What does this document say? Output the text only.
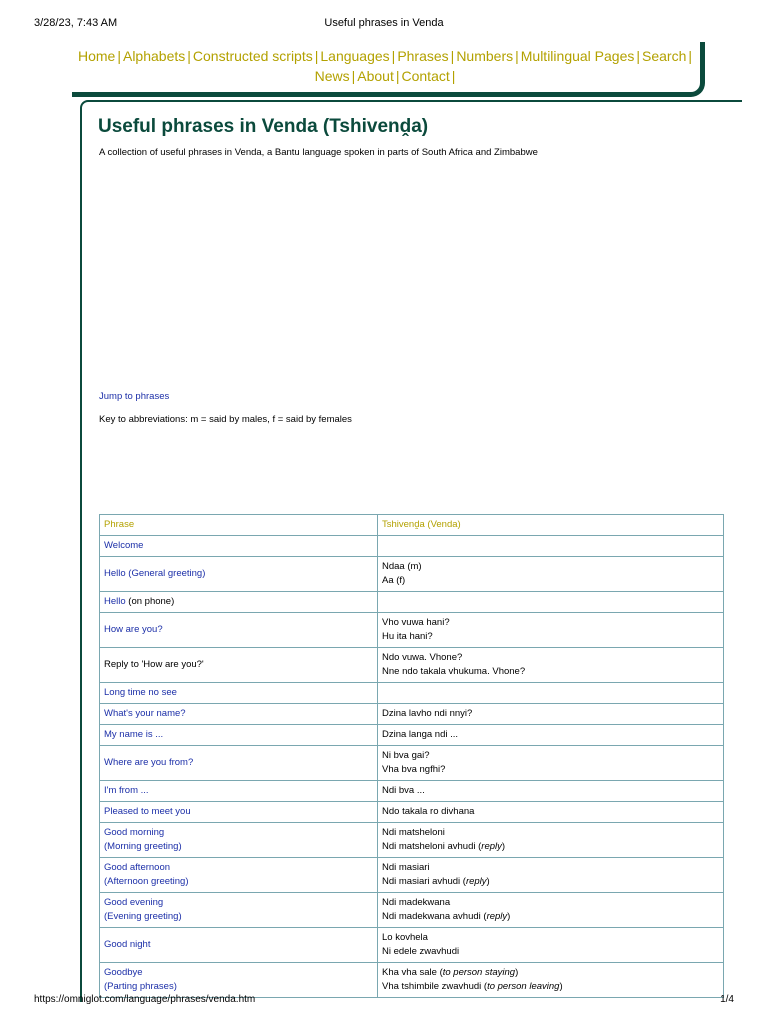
3/28/23, 7:43 AM	Useful phrases in Venda
Home | Alphabets | Constructed scripts | Languages | Phrases | Numbers | Multilingual Pages | Search |
News | About | Contact |
Useful phrases in Venda (Tshivenḓa)
A collection of useful phrases in Venda, a Bantu language spoken in parts of South Africa and Zimbabwe
Jump to phrases
Key to abbreviations: m = said by males, f = said by females
Phrase	Tshivenḓa (Venda)

Welcome	

Hello (General greeting)	Ndaa (m)
Aa (f)

Hello (on phone)	

How are you?	Vho vuwa hani?
Hu ita hani?

Reply to 'How are you?'	Ndo vuwa. Vhone?
Nne ndo takala vhukuma. Vhone?

Long time no see	

What's your name?	Dzina lavho ndi nnyi?

My name is ...	Dzina langa ndi ...

Where are you from?	Ni bva gai?
Vha bva ngfhi?

I'm from ...	Ndi bva ...

Pleased to meet you	Ndo takala ro divhana

Good morning
(Morning greeting)	Ndi matsheloni
Ndi matsheloni avhudi (reply)

Good afternoon
(Afternoon greeting)	Ndi masiari
Ndi masiari avhudi (reply)

Good evening
(Evening greeting)	Ndi madekwana
Ndi madekwana avhudi (reply)

Good night	Lo kovhela
Ni edele zwavhudi

Goodbye
(Parting phrases)	Kha vha sale (to person staying)
Vha tshimbile zwavhudi (to person leaving)
https://omniglot.com/language/phrases/venda.htm	1/4
